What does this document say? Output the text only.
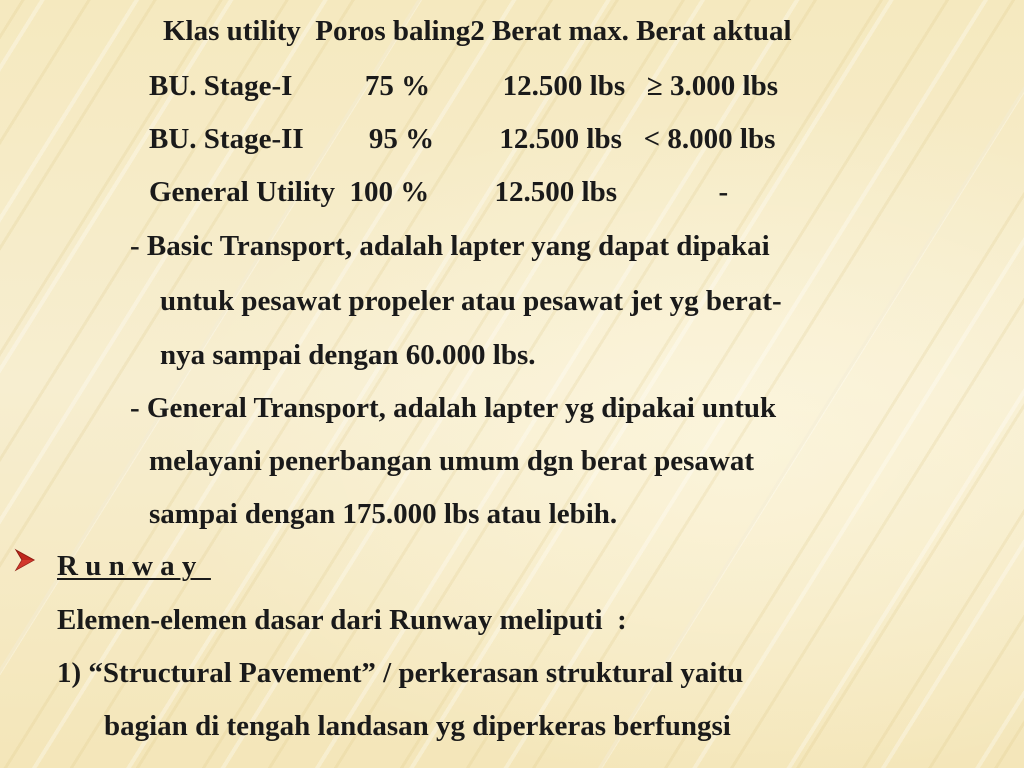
Klas utility  Poros baling2 Berat max. Berat aktual

BU. Stage-I          75 %          12.500 lbs   ≥ 3.000 lbs

BU. Stage-II         95 %         12.500 lbs   < 8.000 lbs

General Utility  100 %         12.500 lbs              -

- Basic Transport, adalah lapter yang dapat dipakai

untuk pesawat propeler atau pesawat jet yg berat-

nya sampai dengan 60.000 lbs.

- General Transport, adalah lapter yg dipakai untuk

melayani penerbangan umum dgn berat pesawat

sampai dengan 175.000 lbs atau lebih.

R u n w a y

Elemen-elemen dasar dari Runway meliputi  :

1) “Structural Pavement” / perkerasan struktural yaitu

bagian di tengah landasan yg diperkeras berfungsi
